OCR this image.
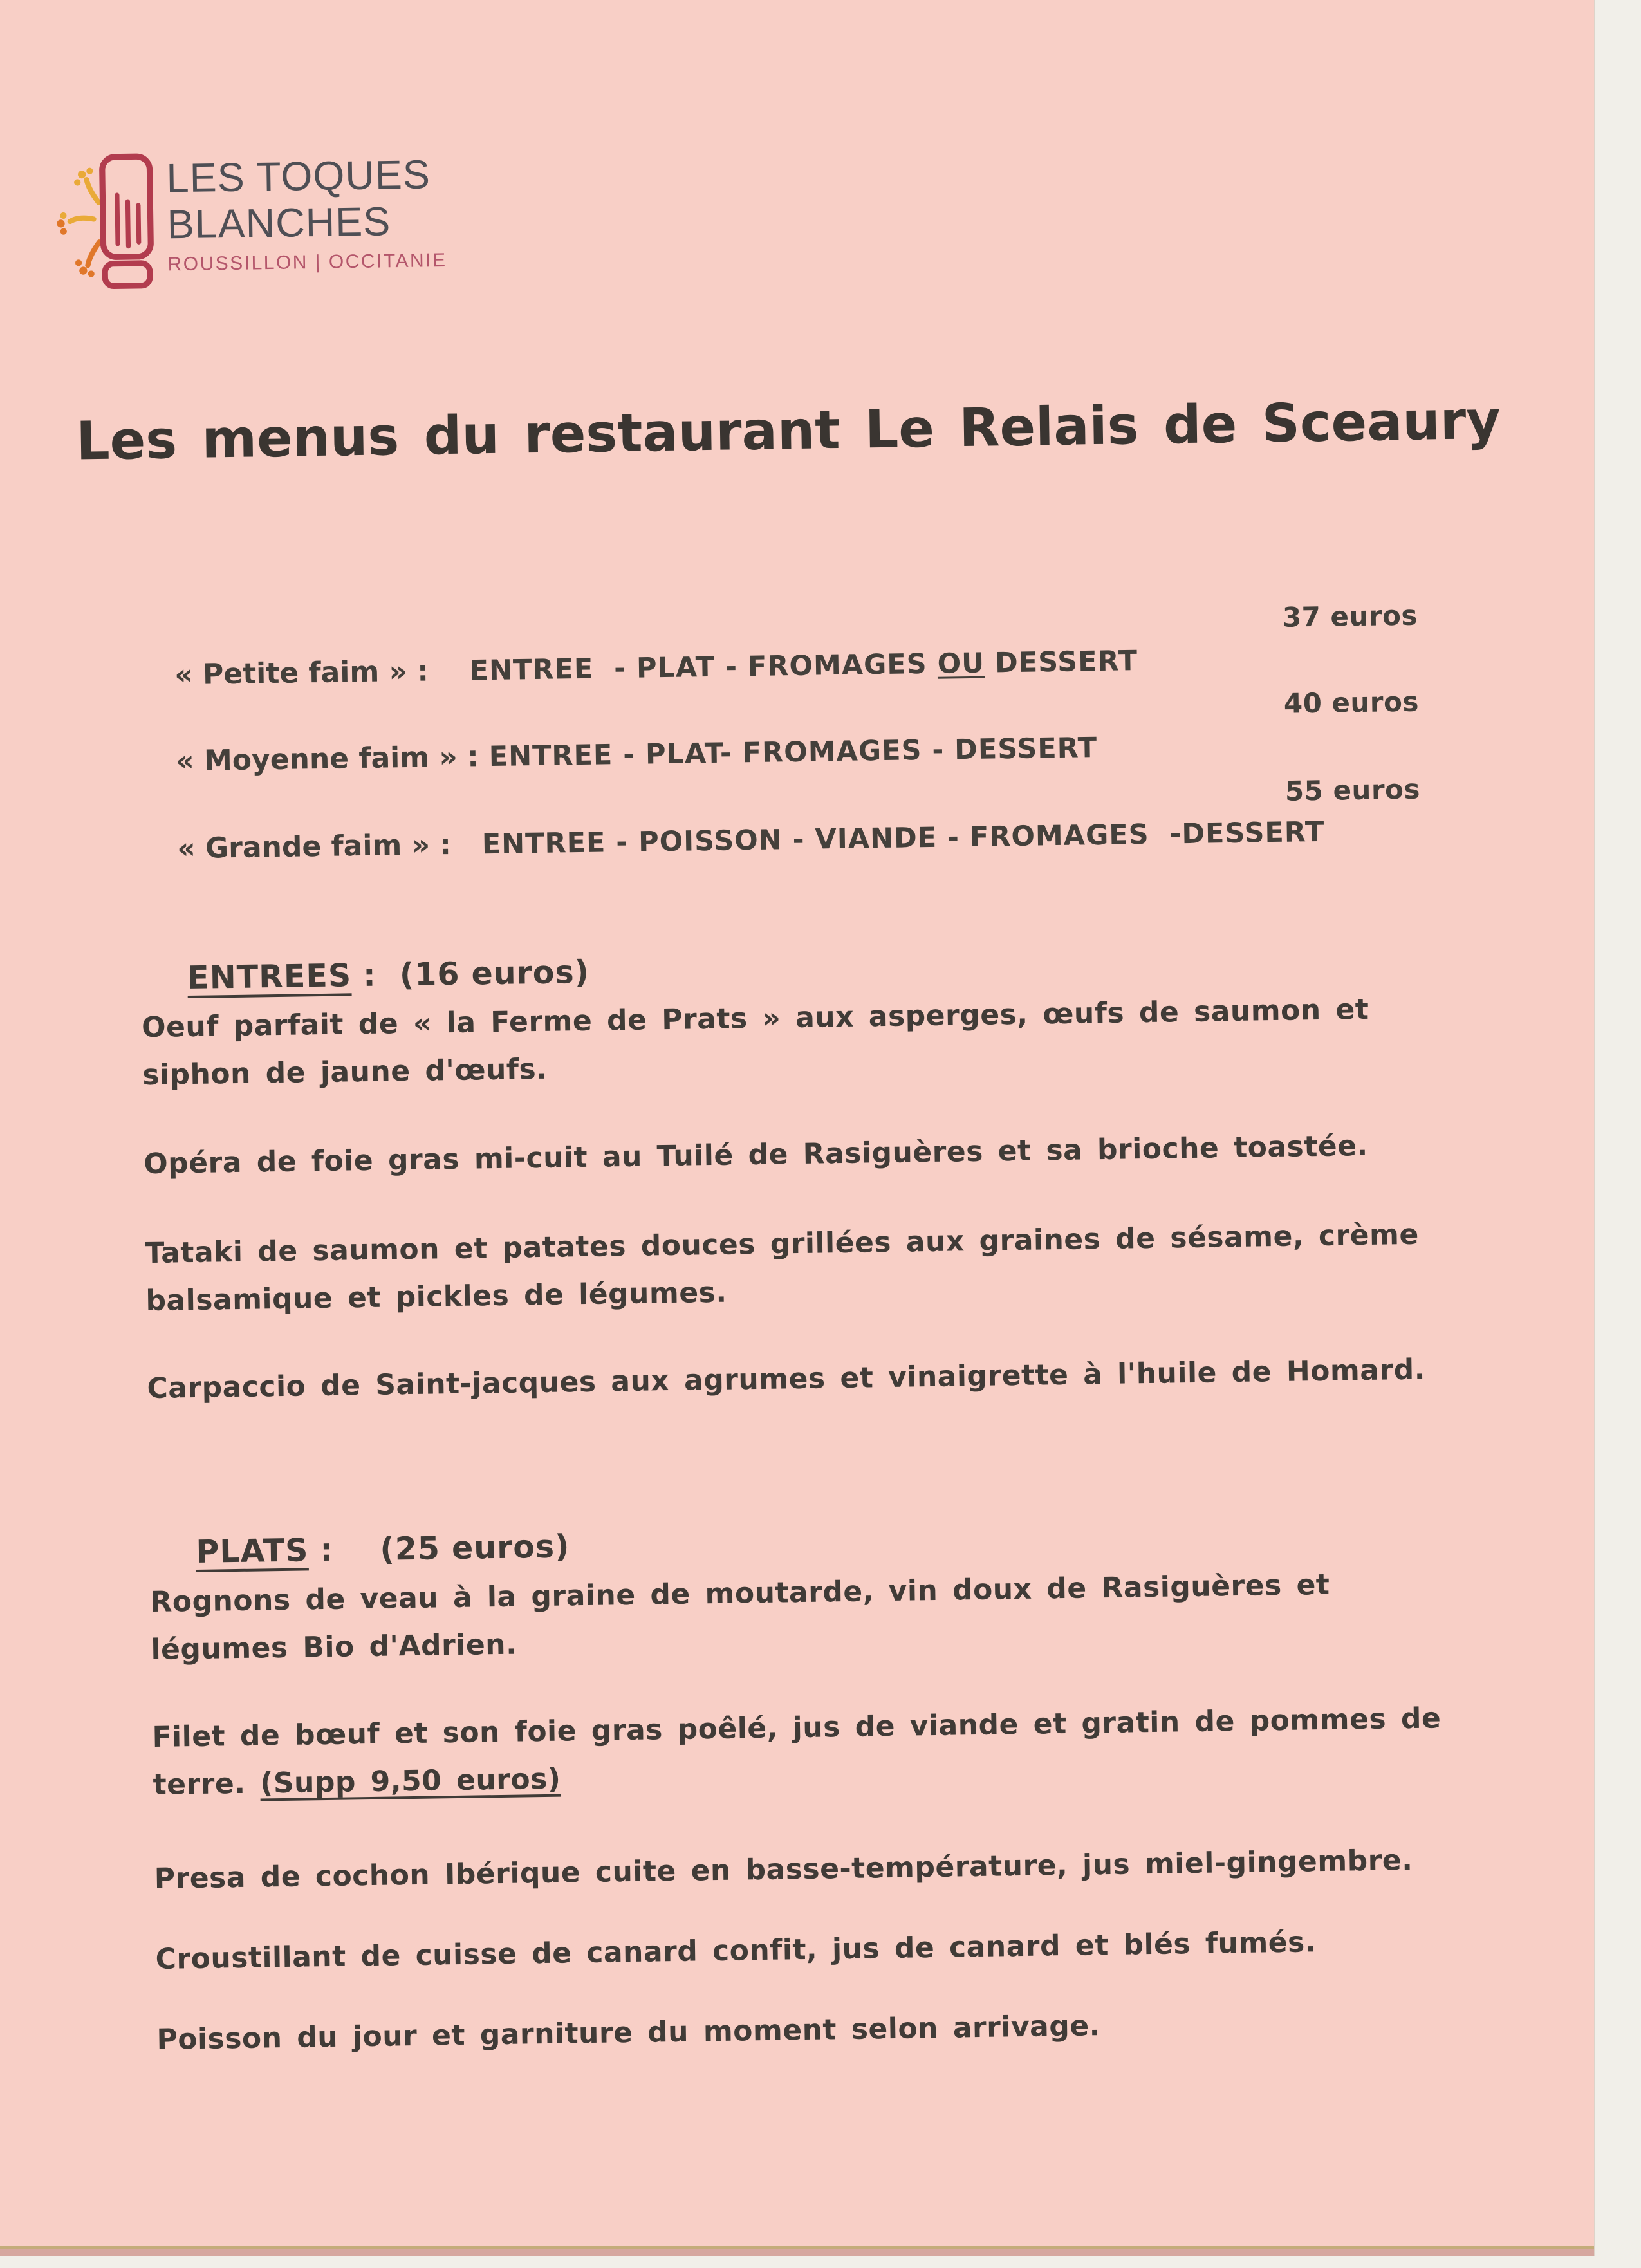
LES TOQUES
BLANCHES
ROUSSILLON | OCCITANIE
Les menus du restaurant Le Relais de Sceaury

« Petite faim » :    ENTREE  - PLAT - FROMAGES OU DESSERT

37 euros

« Moyenne faim » : ENTREE - PLAT- FROMAGES - DESSERT

40 euros

« Grande faim » :   ENTREE - POISSON - VIANDE - FROMAGES  -DESSERT

55 euros

ENTREES :  (16 euros)

Oeuf parfait de « la Ferme de Prats » aux asperges, œufs de saumon et siphon de jaune d'œufs.

Opéra de foie gras mi-cuit au Tuilé de Rasiguères et sa brioche toastée.

Tataki de saumon et patates douces grillées aux graines de sésame, crème balsamique et pickles de légumes.

Carpaccio de Saint-jacques aux agrumes et vinaigrette à l'huile de Homard.

PLATS :    (25 euros)

Rognons de veau à la graine de moutarde, vin doux de Rasiguères et légumes Bio d'Adrien.

Filet de bœuf et son foie gras poêlé, jus de viande et gratin de pommes de terre. (Supp 9,50 euros)

Presa de cochon Ibérique cuite en basse-température, jus miel-gingembre.

Croustillant de cuisse de canard confit, jus de canard et blés fumés.

Poisson du jour et garniture du moment selon arrivage.
